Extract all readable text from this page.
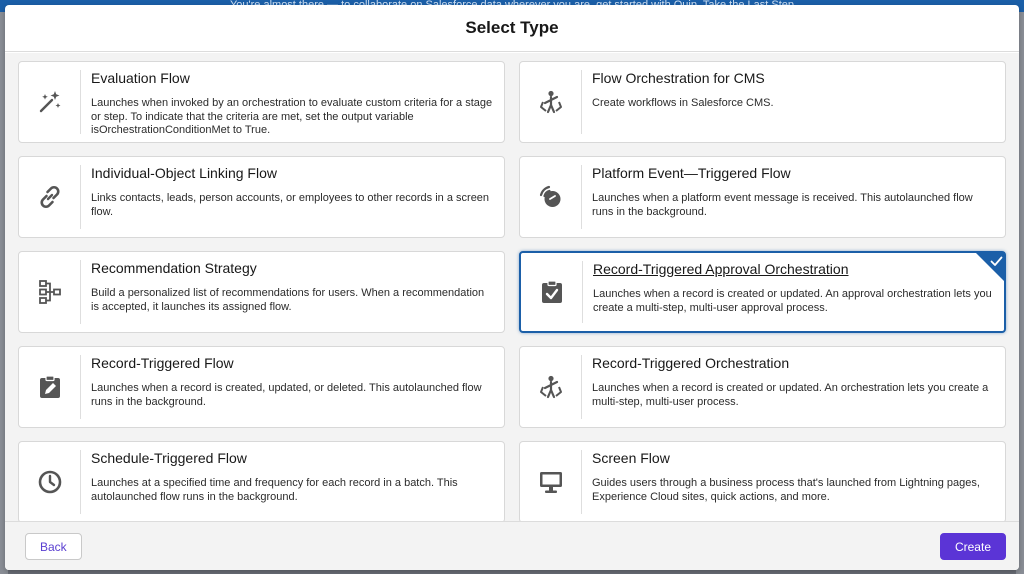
Select Type
Evaluation Flow
Launches when invoked by an orchestration to evaluate custom criteria for a stage or step. To indicate that the criteria are met, set the output variable isOrchestrationConditionMet to True.
Flow Orchestration for CMS
Create workflows in Salesforce CMS.
Individual-Object Linking Flow
Links contacts, leads, person accounts, or employees to other records in a screen flow.
Platform Event—Triggered Flow
Launches when a platform event message is received. This autolaunched flow runs in the background.
Recommendation Strategy
Build a personalized list of recommendations for users. When a recommendation is accepted, it launches its assigned flow.
Record-Triggered Approval Orchestration
Launches when a record is created or updated. An approval orchestration lets you create a multi-step, multi-user approval process.
Record-Triggered Flow
Launches when a record is created, updated, or deleted. This autolaunched flow runs in the background.
Record-Triggered Orchestration
Launches when a record is created or updated. An orchestration lets you create a multi-step, multi-user process.
Schedule-Triggered Flow
Launches at a specified time and frequency for each record in a batch. This autolaunched flow runs in the background.
Screen Flow
Guides users through a business process that's launched from Lightning pages, Experience Cloud sites, quick actions, and more.
Back	Create
